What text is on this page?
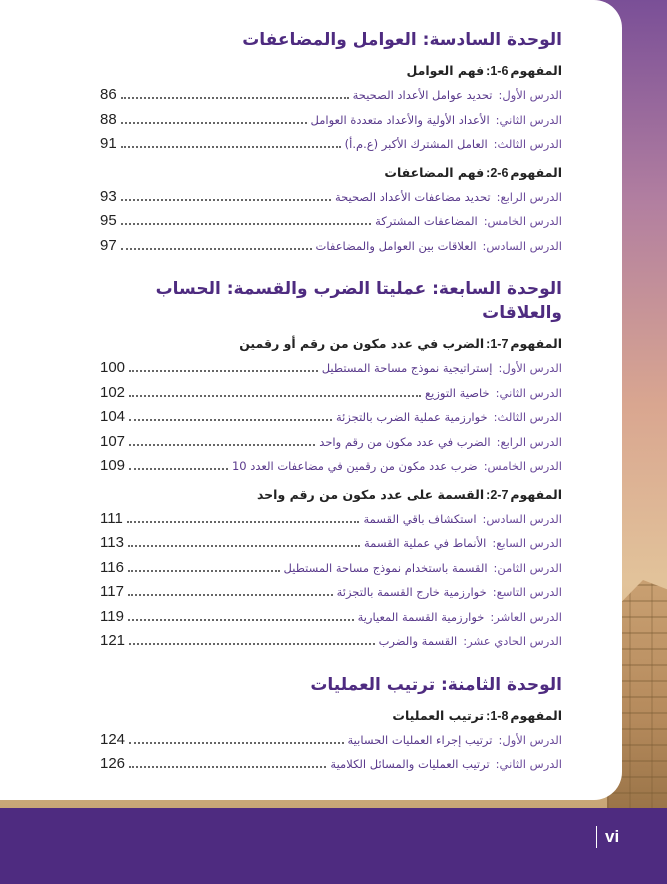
الوحدة السادسة: العوامل والمضاعفات
المفهوم6-1:فهم العوامل
الدرس الأول:
تحديد عوامل الأعداد الصحيحة
86
الدرس الثاني:
الأعداد الأولية والأعداد متعددة العوامل
88
الدرس الثالث:
العامل المشترك الأكبر (ع.م.أ)
91
المفهوم6-2:فهم المضاعفات
الدرس الرابع:
تحديد مضاعفات الأعداد الصحيحة
93
الدرس الخامس:
المضاعفات المشتركة
95
الدرس السادس:
العلاقات بين العوامل والمضاعفات
97
الوحدة السابعة: عمليتا الضرب والقسمة: الحساب والعلاقات
المفهوم7-1:الضرب في عدد مكون من رقم أو رقمين
الدرس الأول:
إستراتيجية نموذج مساحة المستطيل
100
الدرس الثاني:
خاصية التوزيع
102
الدرس الثالث:
خوارزمية عملية الضرب بالتجزئة
104
الدرس الرابع:
الضرب في عدد مكون من رقم واحد
107
الدرس الخامس:
ضرب عدد مكون من رقمين في مضاعفات العدد 10
109
المفهوم7-2:القسمة على عدد مكون من رقم واحد
الدرس السادس:
استكشاف باقي القسمة
111
الدرس السابع:
الأنماط في عملية القسمة
113
الدرس الثامن:
القسمة باستخدام نموذج مساحة المستطيل
116
الدرس التاسع:
خوارزمية خارج القسمة بالتجزئة
117
الدرس العاشر:
خوارزمية القسمة المعيارية
119
الدرس الحادي عشر:
القسمة والضرب
121
الوحدة الثامنة: ترتيب العمليات
المفهوم8-1:ترتيب العمليات
الدرس الأول:
ترتيب إجراء العمليات الحسابية
124
الدرس الثاني:
ترتيب العمليات والمسائل الكلامية
126
vi
